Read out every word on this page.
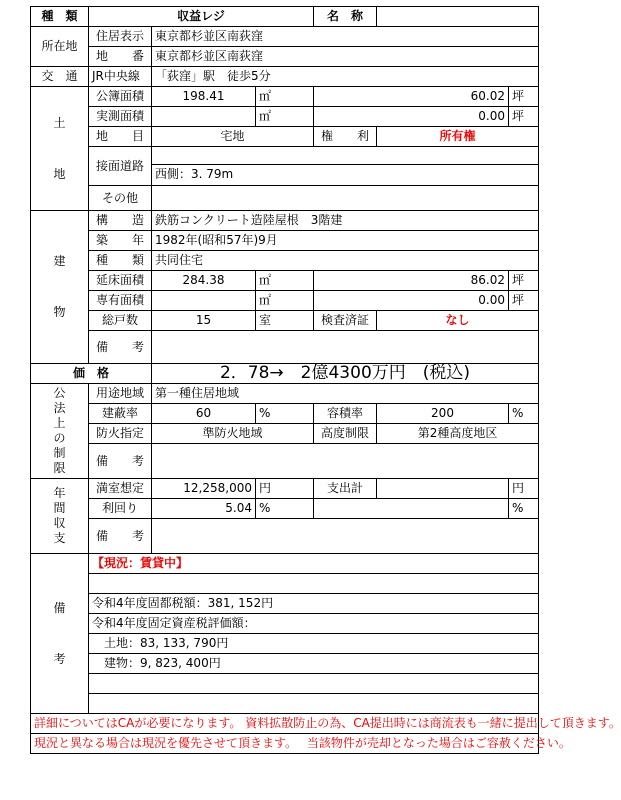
種　類	収益レジ			名　称		
所在地	住居表示	東京都杉並区南荻窪				
	地　　番	東京都杉並区南荻窪				
交　通	JR中央線	「荻窪」駅　徒歩5分				
土

地	公簿面積	198.41	㎡	60.02		坪
	実測面積		㎡	0.00		坪
	地　　目	宅地		権　　利	所有権	
	接面道路					
		西側：3. 79m				
	その他					
建

物	構　　造	鉄筋コンクリート造陸屋根　3階建				
	築　　年	1982年(昭和57年)9月				
	種　　類	共同住宅				
	延床面積	284.38	㎡	86.02		坪
	専有面積		㎡	0.00		坪
	総戸数	15	室	検査済証	なし	
	備　　考					
価　格		2．78→　2億4300万円　(税込)				

公法上の制限	用途地域	第一種住居地域				
	建蔽率	60	%	容積率	200	%
	防火指定	準防火地域		高度制限	第2種高度地区	
	備　　考					

年間収支	満室想定	12,258,000	円	支出計		円
	利回り	5.04	%			%
	備　　考					
備

考	【現況：賃貸中】					

	令和4年度固都税額：381, 152円					
	令和4年度固定資産税評価額：					
	　土地：83, 133, 790円					
	　建物：9, 823, 400円					

詳細についてはCAが必要になります。 資料拡散防止の為、CA提出時には商流表も一緒に提出して頂きます。						
現況と異なる場合は現況を優先させて頂きます。　 当該物件が売却となった場合はご容赦ください。						
